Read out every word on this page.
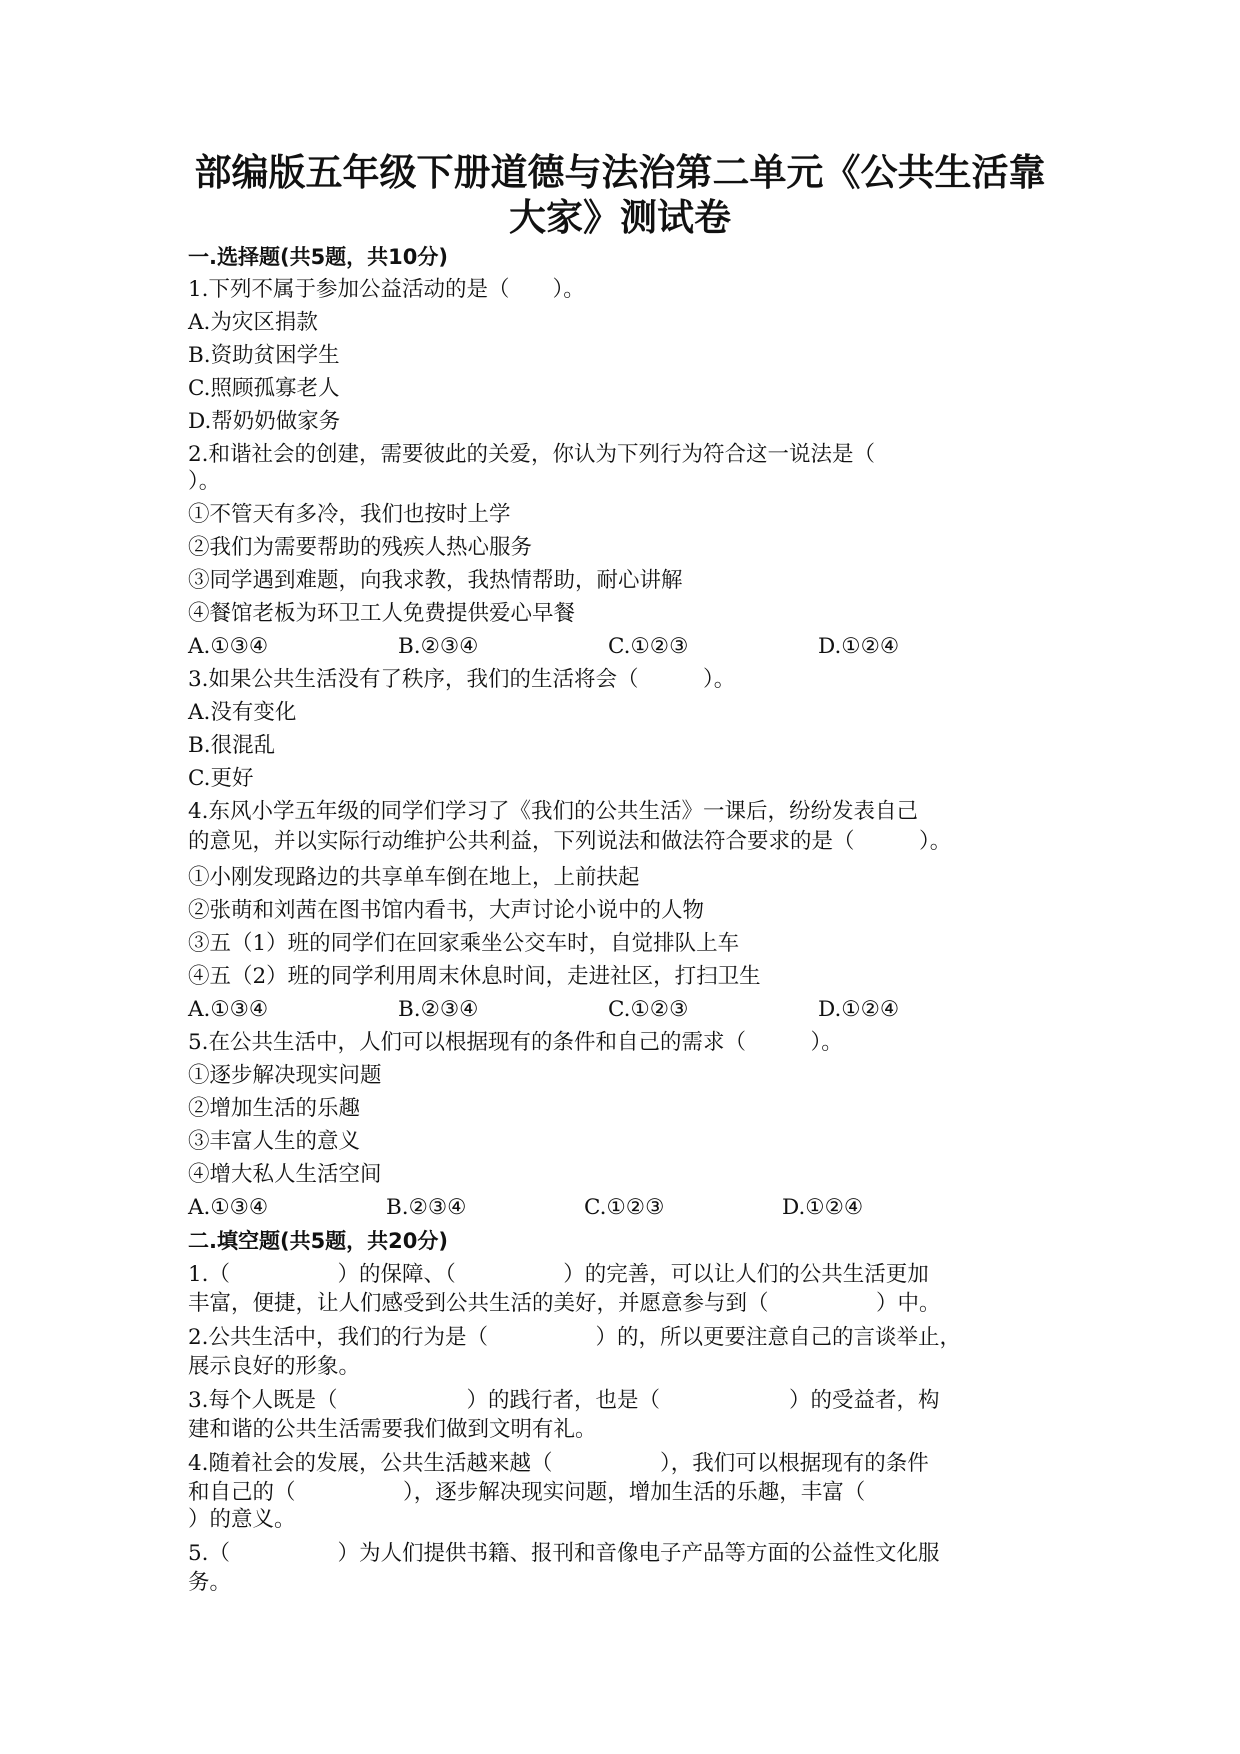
部编版五年级下册道德与法治第二单元《公共生活靠
大家》测试卷
一.选择题(共5题，共10分)
1.下列不属于参加公益活动的是（　　）。
A.为灾区捐款
B.资助贫困学生
C.照顾孤寡老人
D.帮奶奶做家务
2.和谐社会的创建，需要彼此的关爱，你认为下列行为符合这一说法是（
）。
①不管天有多冷，我们也按时上学
②我们为需要帮助的残疾人热心服务
③同学遇到难题，向我求教，我热情帮助，耐心讲解
④餐馆老板为环卫工人免费提供爱心早餐
A.①③④	B.②③④	C.①②③	D.①②④
3.如果公共生活没有了秩序，我们的生活将会（　　　）。
A.没有变化
B.很混乱
C.更好
4.东风小学五年级的同学们学习了《我们的公共生活》一课后，纷纷发表自己
的意见，并以实际行动维护公共利益，下列说法和做法符合要求的是（　　　）。
①小刚发现路边的共享单车倒在地上，上前扶起
②张萌和刘茜在图书馆内看书，大声讨论小说中的人物
③五（1）班的同学们在回家乘坐公交车时，自觉排队上车
④五（2）班的同学利用周末休息时间，走进社区，打扫卫生
A.①③④	B.②③④	C.①②③	D.①②④
5.在公共生活中，人们可以根据现有的条件和自己的需求（　　　）。
①逐步解决现实问题
②增加生活的乐趣
③丰富人生的意义
④增大私人生活空间
A.①③④	B.②③④	C.①②③	D.①②④
二.填空题(共5题，共20分)
1.（　　　　　）的保障、（　　　　　）的完善，可以让人们的公共生活更加
丰富，便捷，让人们感受到公共生活的美好，并愿意参与到（　　　　　）中。
2.公共生活中，我们的行为是（　　　　　）的，所以更要注意自己的言谈举止，
展示良好的形象。
3.每个人既是（　　　　　　）的践行者，也是（　　　　　　）的受益者，构
建和谐的公共生活需要我们做到文明有礼。
4.随着社会的发展，公共生活越来越（　　　　　），我们可以根据现有的条件
和自己的（　　　　　），逐步解决现实问题，增加生活的乐趣，丰富（
）的意义。
5.（　　　　　）为人们提供书籍、报刊和音像电子产品等方面的公益性文化服
务。
